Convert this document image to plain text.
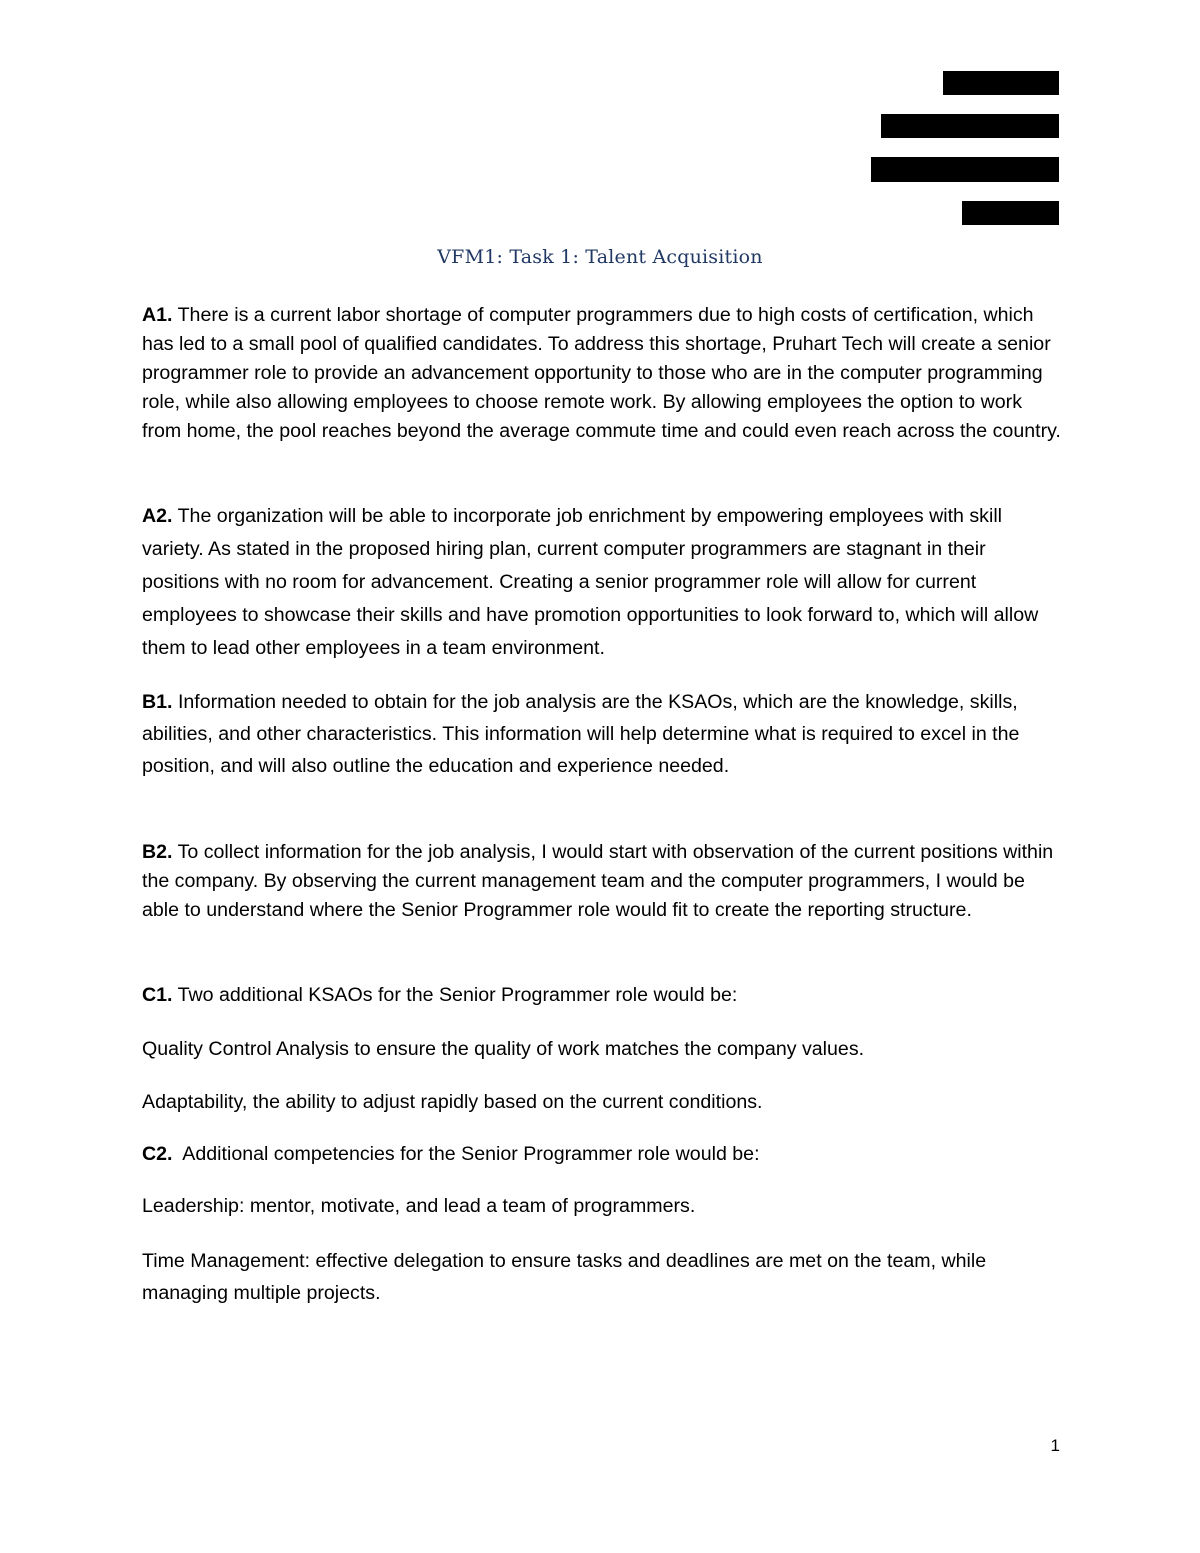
VFM1: Task 1: Talent Acquisition

A1. There is a current labor shortage of computer programmers due to high costs of certification, which has led to a small pool of qualified candidates. To address this shortage, Pruhart Tech will create a senior programmer role to provide an advancement opportunity to those who are in the computer programming role, while also allowing employees to choose remote work. By allowing employees the option to work from home, the pool reaches beyond the average commute time and could even reach across the country.

A2. The organization will be able to incorporate job enrichment by empowering employees with skill variety. As stated in the proposed hiring plan, current computer programmers are stagnant in their positions with no room for advancement. Creating a senior programmer role will allow for current employees to showcase their skills and have promotion opportunities to look forward to, which will allow them to lead other employees in a team environment.

B1. Information needed to obtain for the job analysis are the KSAOs, which are the knowledge, skills, abilities, and other characteristics. This information will help determine what is required to excel in the position, and will also outline the education and experience needed.

B2. To collect information for the job analysis, I would start with observation of the current positions within the company. By observing the current management team and the computer programmers, I would be able to understand where the Senior Programmer role would fit to create the reporting structure.

C1. Two additional KSAOs for the Senior Programmer role would be:

Quality Control Analysis to ensure the quality of work matches the company values.

Adaptability, the ability to adjust rapidly based on the current conditions.

C2.  Additional competencies for the Senior Programmer role would be:

Leadership: mentor, motivate, and lead a team of programmers.

Time Management: effective delegation to ensure tasks and deadlines are met on the team, while managing multiple projects.

1
